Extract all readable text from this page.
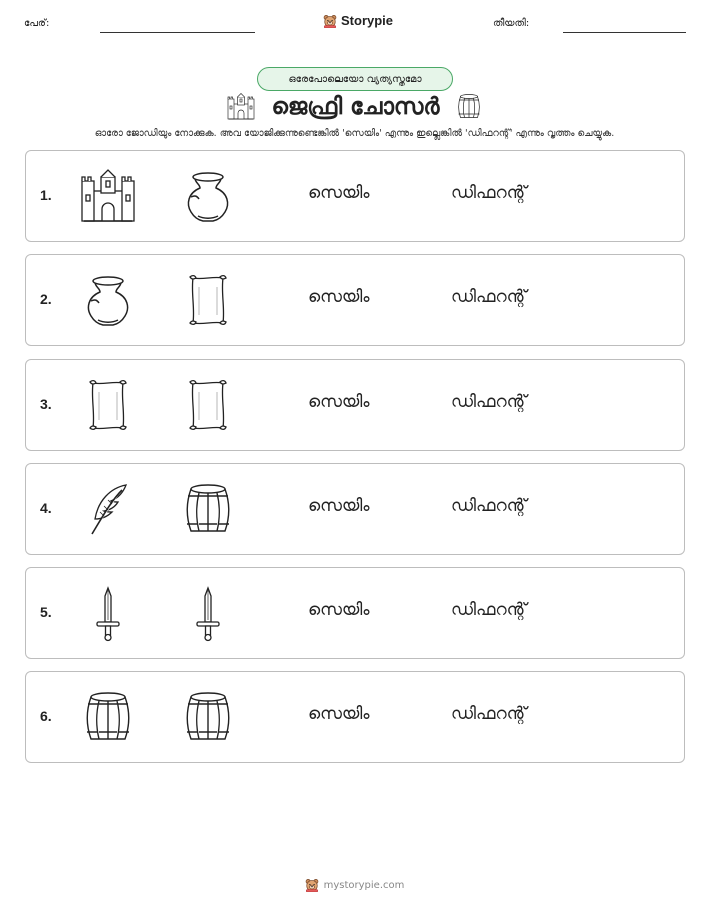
പേര്:	Storypie	തീയതി:
ഒരേപോലെയോ വ്യത്യസ്തമോ
ജെഫ്രി ചോസർ
ഓരോ ജോഡിയും നോക്കുക. അവ യോജിക്കുന്നുണ്ടെങ്കിൽ 'സെയിം' എന്നും ഇല്ലെങ്കിൽ 'ഡിഫറന്റ്' എന്നും വൃത്തം ചെയ്യുക.
1.	സെയിം	ഡിഫറന്റ്
2.	സെയിം	ഡിഫറന്റ്
3.	സെയിം	ഡിഫറന്റ്
4.	സെയിം	ഡിഫറന്റ്
5.	സെയിം	ഡിഫറന്റ്
6.	സെയിം	ഡിഫറന്റ്
mystorypie.com
